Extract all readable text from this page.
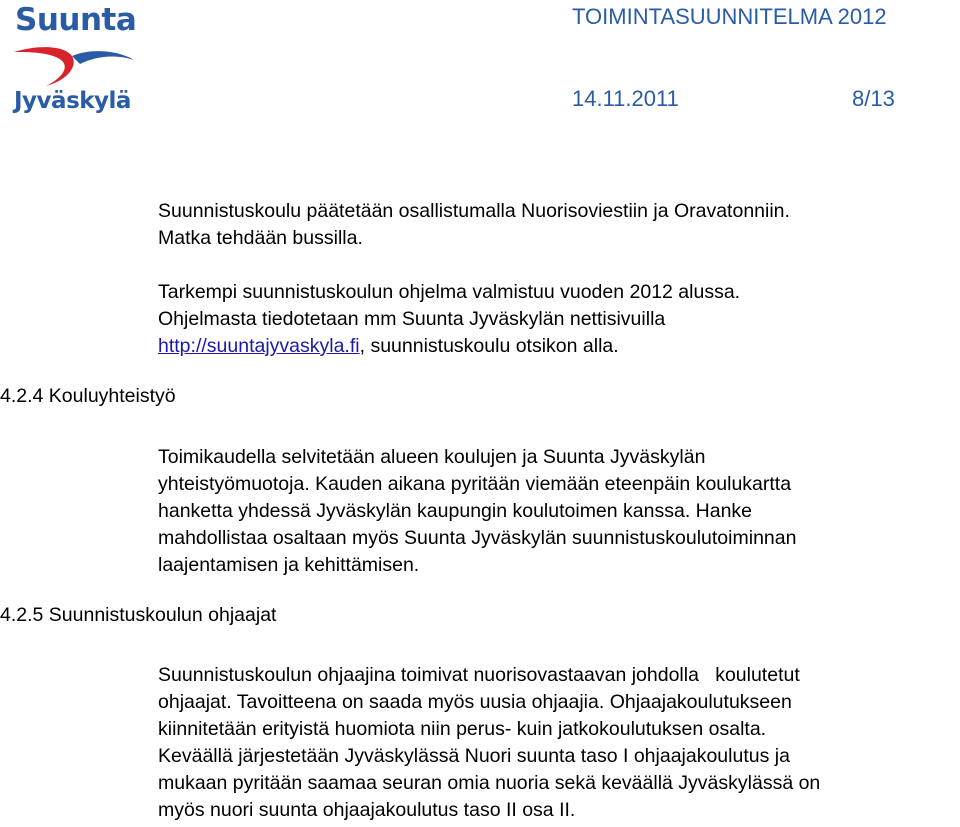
Suunta
Jyväskylä
TOIMINTASUUNNITELMA 2012
14.11.2011	8/13
Suunnistuskoulu päätetään osallistumalla Nuorisoviestiin ja Oravatonniin.
Matka tehdään bussilla.
Tarkempi suunnistuskoulun ohjelma valmistuu vuoden 2012 alussa.
Ohjelmasta tiedotetaan mm Suunta Jyväskylän nettisivuilla
http://suuntajyvaskyla.fi, suunnistuskoulu otsikon alla.
4.2.4 Kouluyhteistyö
Toimikaudella selvitetään alueen koulujen ja Suunta Jyväskylän
yhteistyömuotoja. Kauden aikana pyritään viemään eteenpäin koulukartta
hanketta yhdessä Jyväskylän kaupungin koulutoimen kanssa. Hanke
mahdollistaa osaltaan myös Suunta Jyväskylän suunnistuskoulutoiminnan
laajentamisen ja kehittämisen.
4.2.5 Suunnistuskoulun ohjaajat
Suunnistuskoulun ohjaajina toimivat nuorisovastaavan johdolla   koulutetut
ohjaajat. Tavoitteena on saada myös uusia ohjaajia. Ohjaajakoulutukseen
kiinnitetään erityistä huomiota niin perus- kuin jatkokoulutuksen osalta.
Keväällä järjestetään Jyväskylässä Nuori suunta taso I ohjaajakoulutus ja
mukaan pyritään saamaa seuran omia nuoria sekä keväällä Jyväskylässä on
myös nuori suunta ohjaajakoulutus taso II osa II.
